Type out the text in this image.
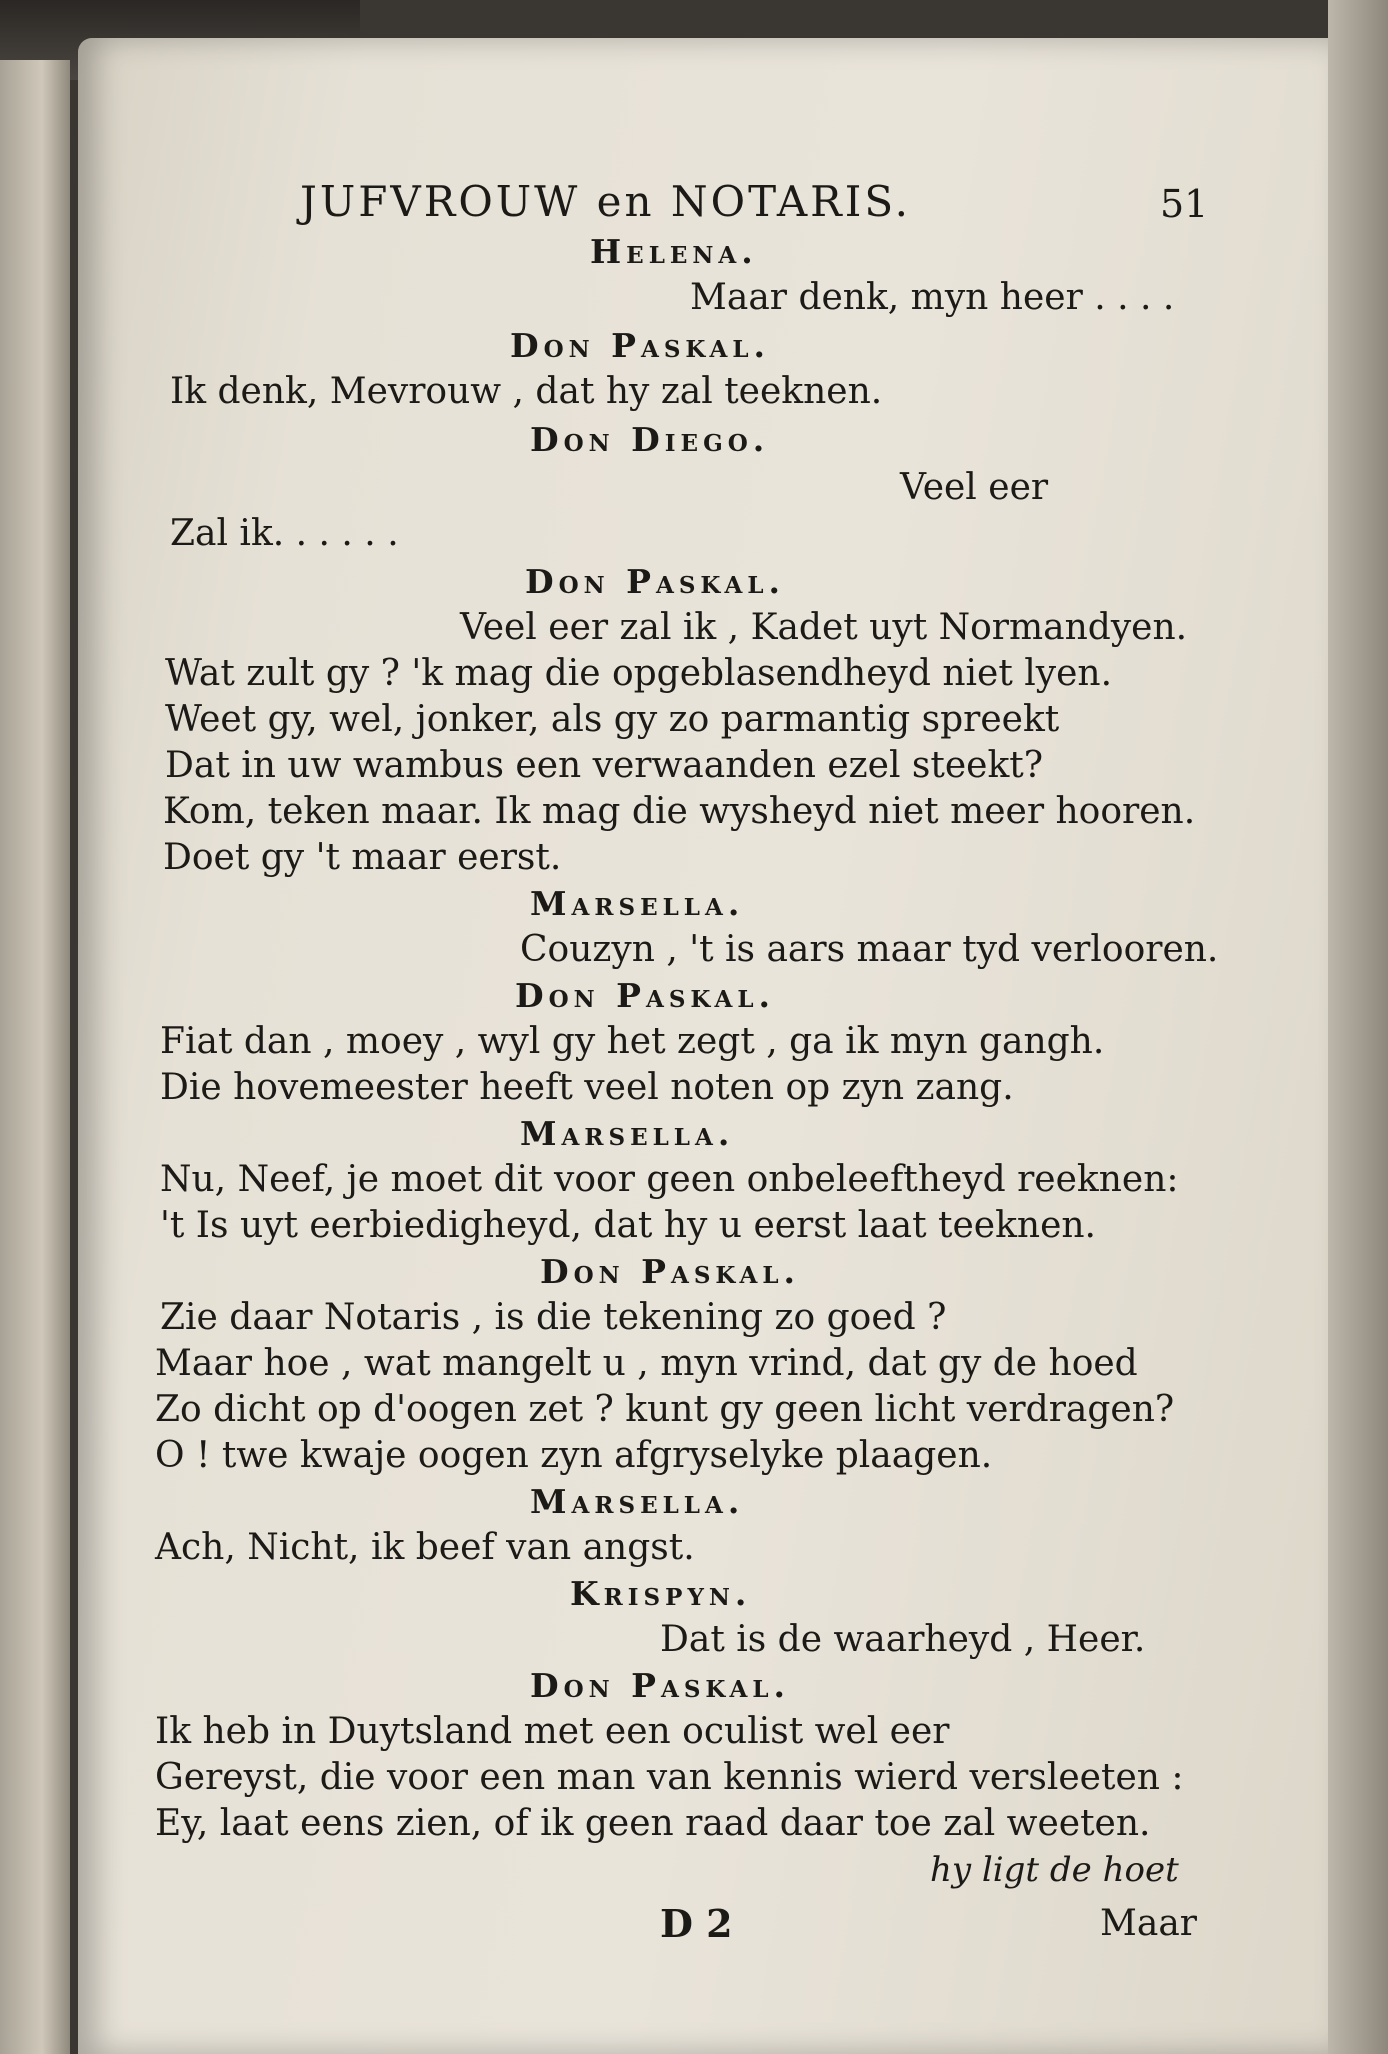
JUFVROUW en NOTARIS.	51
Helena.
Maar denk, myn heer . . . .
Don Paskal.
Ik denk, Mevrouw , dat hy zal teeknen.
Don Diego.
Veel eer
Zal ik. . . . . .
Don Paskal.
Veel eer zal ik , Kadet uyt Normandyen.
Wat zult gy ? 'k mag die opgeblasendheyd niet lyen.
Weet gy, wel, jonker, als gy zo parmantig spreekt
Dat in uw wambus een verwaanden ezel steekt?
Kom, teken maar. Ik mag die wysheyd niet meer hooren.
Doet gy 't maar eerst.
Marsella.
Couzyn , 't is aars maar tyd verlooren.
Don Paskal.
Fiat dan , moey , wyl gy het zegt , ga ik myn gangh.
Die hovemeester heeft veel noten op zyn zang.
Marsella.
Nu, Neef, je moet dit voor geen onbeleeftheyd reeknen:
't Is uyt eerbiedigheyd, dat hy u eerst laat teeknen.
Don Paskal.
Zie daar Notaris , is die tekening zo goed ?
Maar hoe , wat mangelt u , myn vrind, dat gy de hoed
Zo dicht op d'oogen zet ? kunt gy geen licht verdragen?
O ! twe kwaje oogen zyn afgryselyke plaagen.
Marsella.
Ach, Nicht, ik beef van angst.
Krispyn.
Dat is de waarheyd , Heer.
Don Paskal.
Ik heb in Duytsland met een oculist wel eer
Gereyst, die voor een man van kennis wierd versleeten :
Ey, laat eens zien, of ik geen raad daar toe zal weeten.
hy ligt de hoet
D 2	Maar
